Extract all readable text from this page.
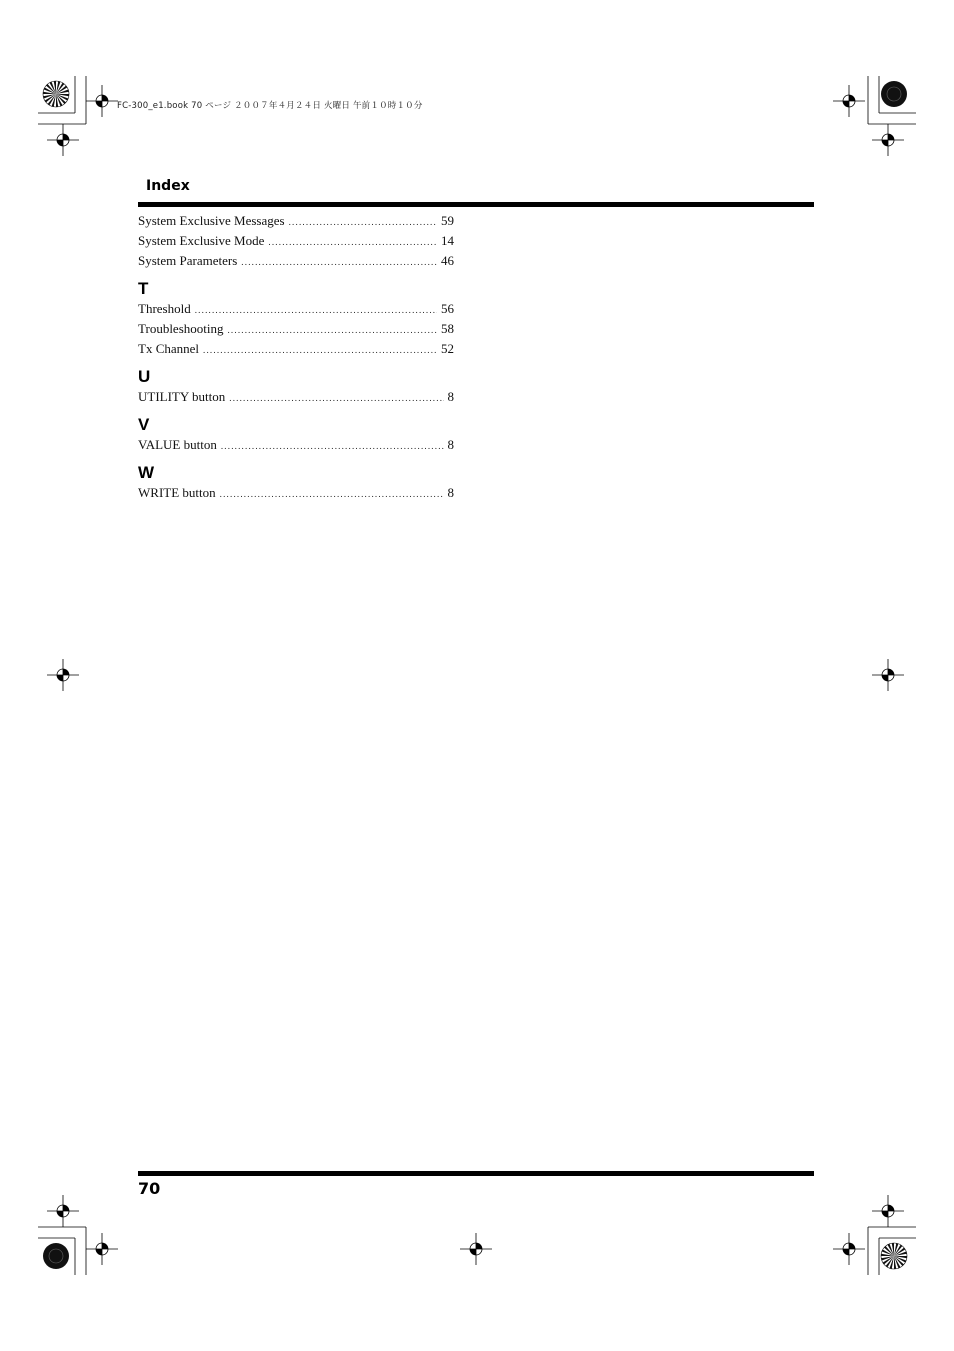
FC-300_e1.book 70 ページ ２００７年４月２４日 火曜日 午前１０時１０分
Index
System Exclusive Messages .....	59
System Exclusive Mode .....	14
System Parameters .....	46
T
Threshold .....	56
Troubleshooting .....	58
Tx Channel .....	52
U
UTILITY button .....	8
V
VALUE button .....	8
W
WRITE button .....	8
70
